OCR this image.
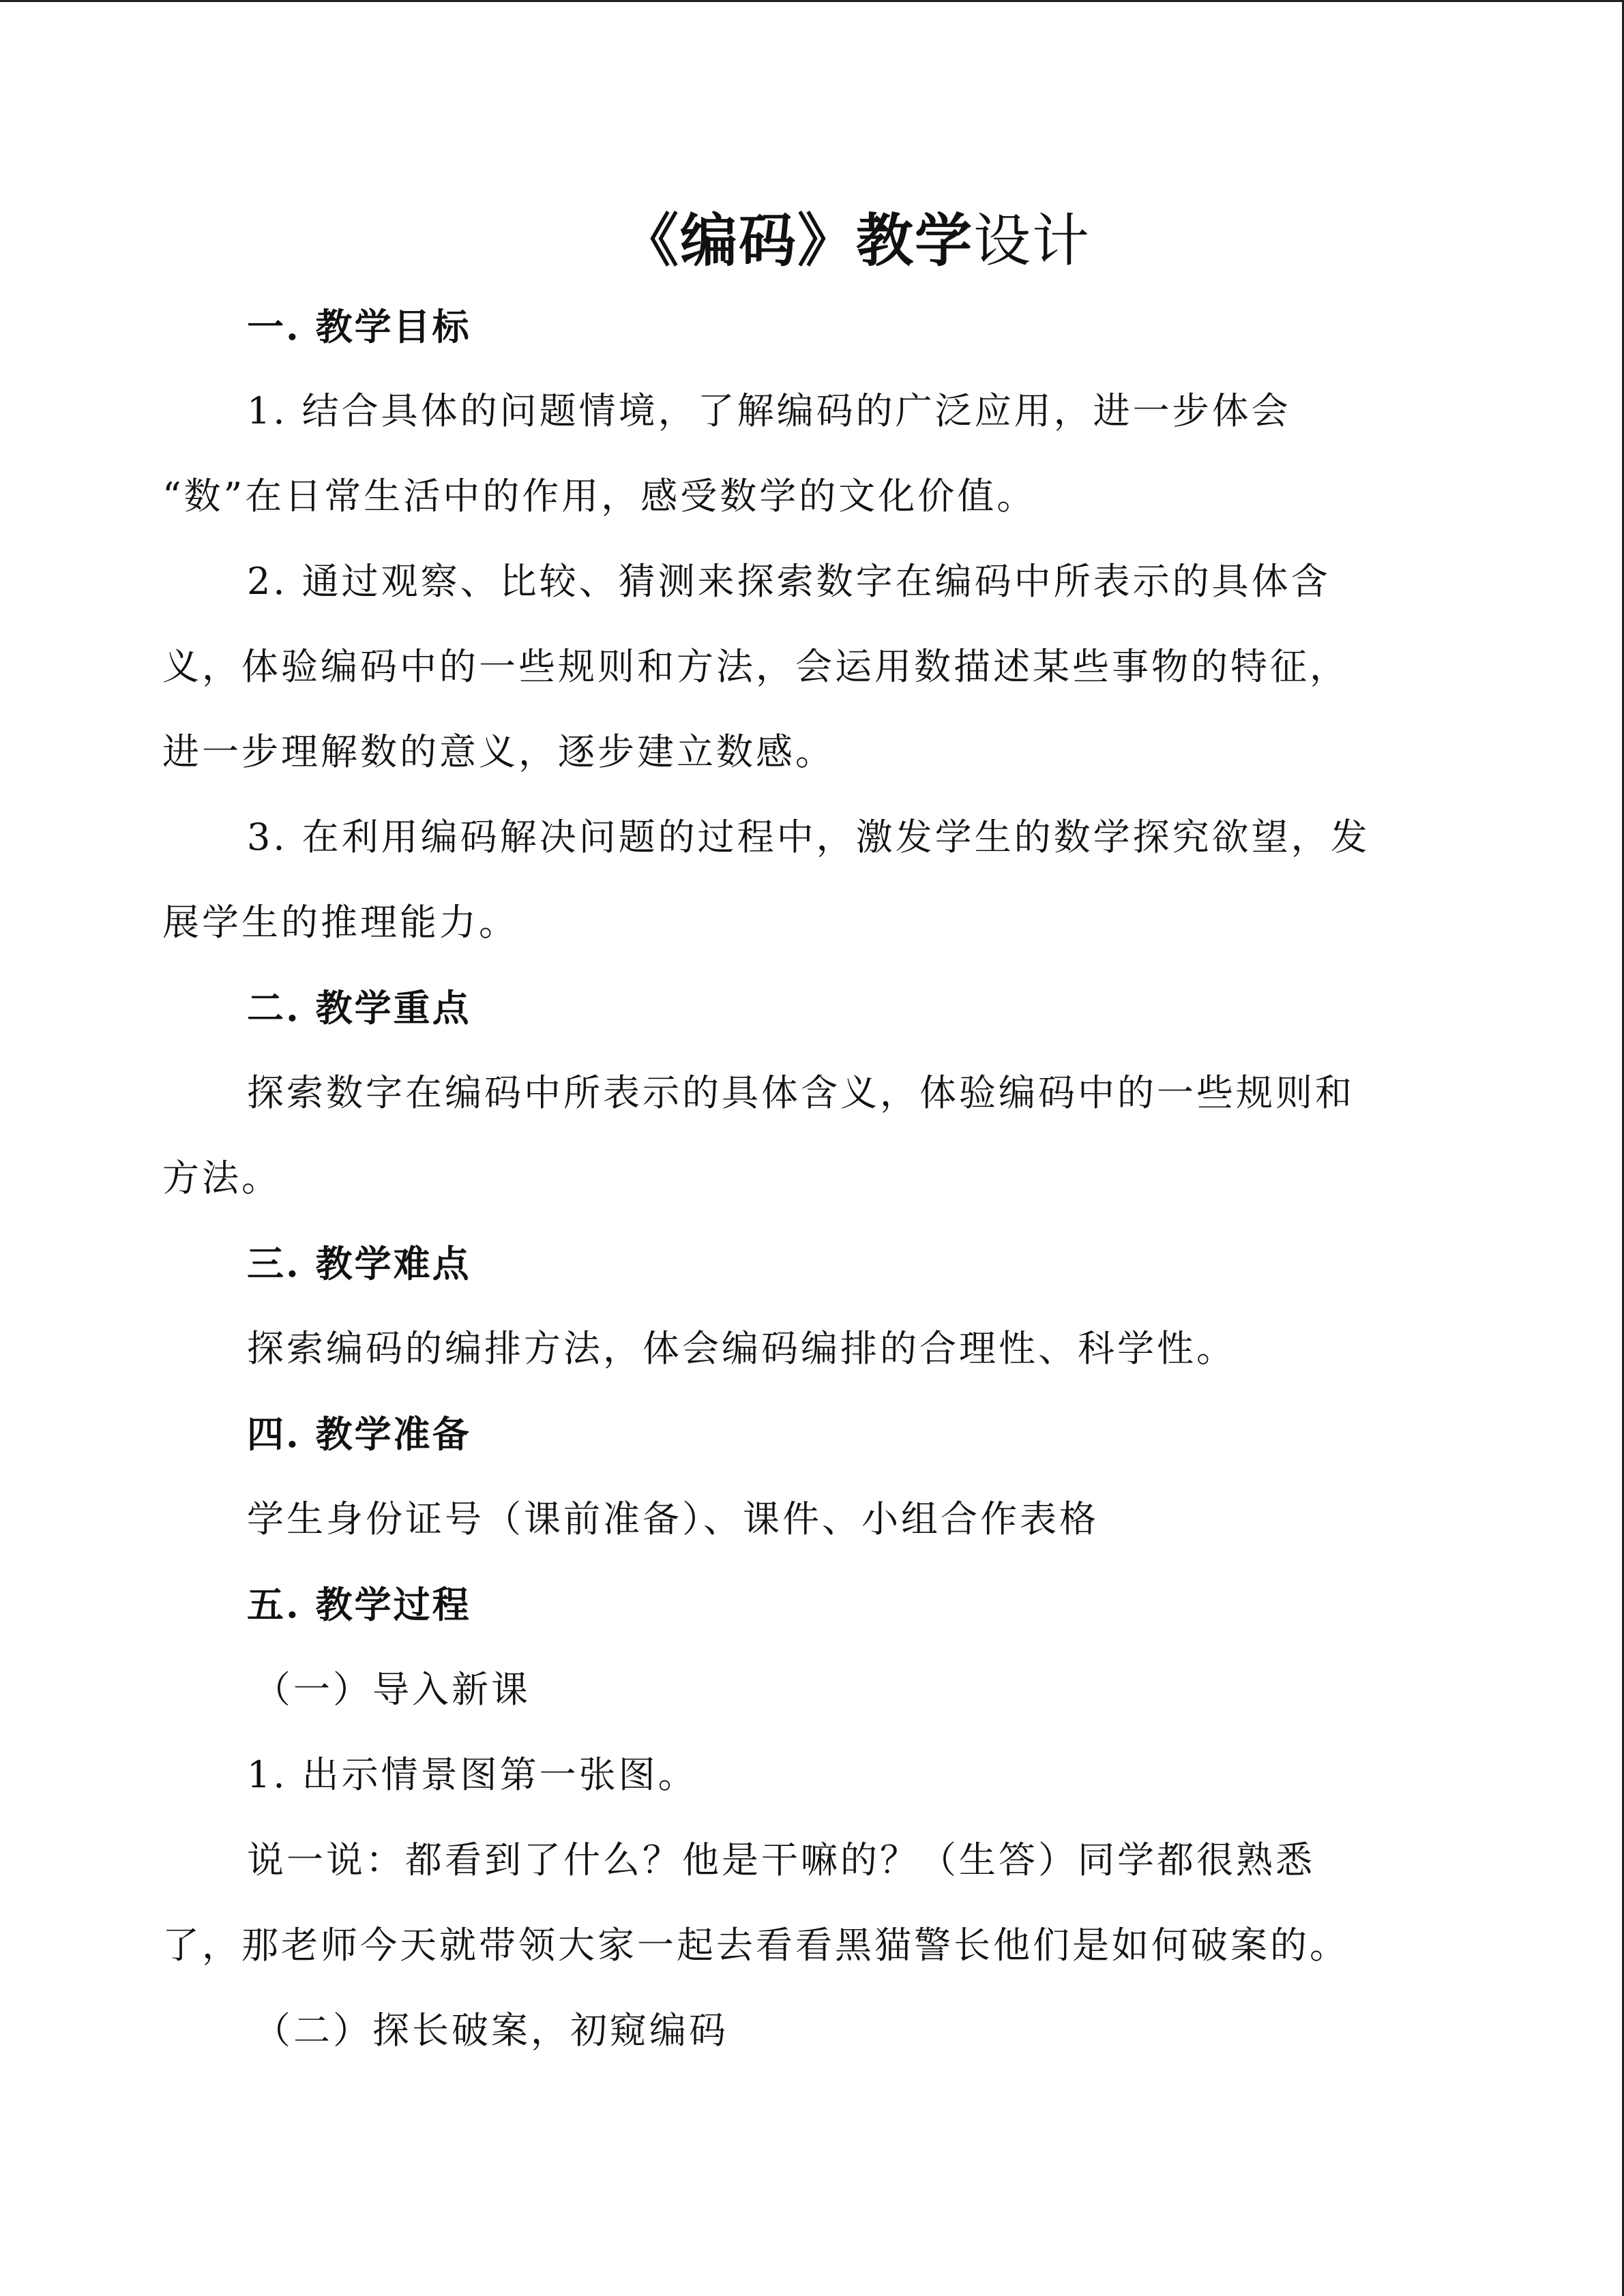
《编码》教学设计
一. 教学目标
1. 结合具体的问题情境，了解编码的广泛应用，进一步体会
“数”在日常生活中的作用，感受数学的文化价值。
2. 通过观察、比较、猜测来探索数字在编码中所表示的具体含
义，体验编码中的一些规则和方法，会运用数描述某些事物的特征，
进一步理解数的意义，逐步建立数感。
3. 在利用编码解决问题的过程中，激发学生的数学探究欲望，发
展学生的推理能力。
二. 教学重点
探索数字在编码中所表示的具体含义，体验编码中的一些规则和
方法。
三. 教学难点
探索编码的编排方法，体会编码编排的合理性、科学性。
四. 教学准备
学生身份证号（课前准备）、课件、小组合作表格
五. 教学过程
（一）导入新课
1. 出示情景图第一张图。
说一说：都看到了什么？他是干嘛的？（生答）同学都很熟悉
了，那老师今天就带领大家一起去看看黑猫警长他们是如何破案的。
（二）探长破案，初窥编码
